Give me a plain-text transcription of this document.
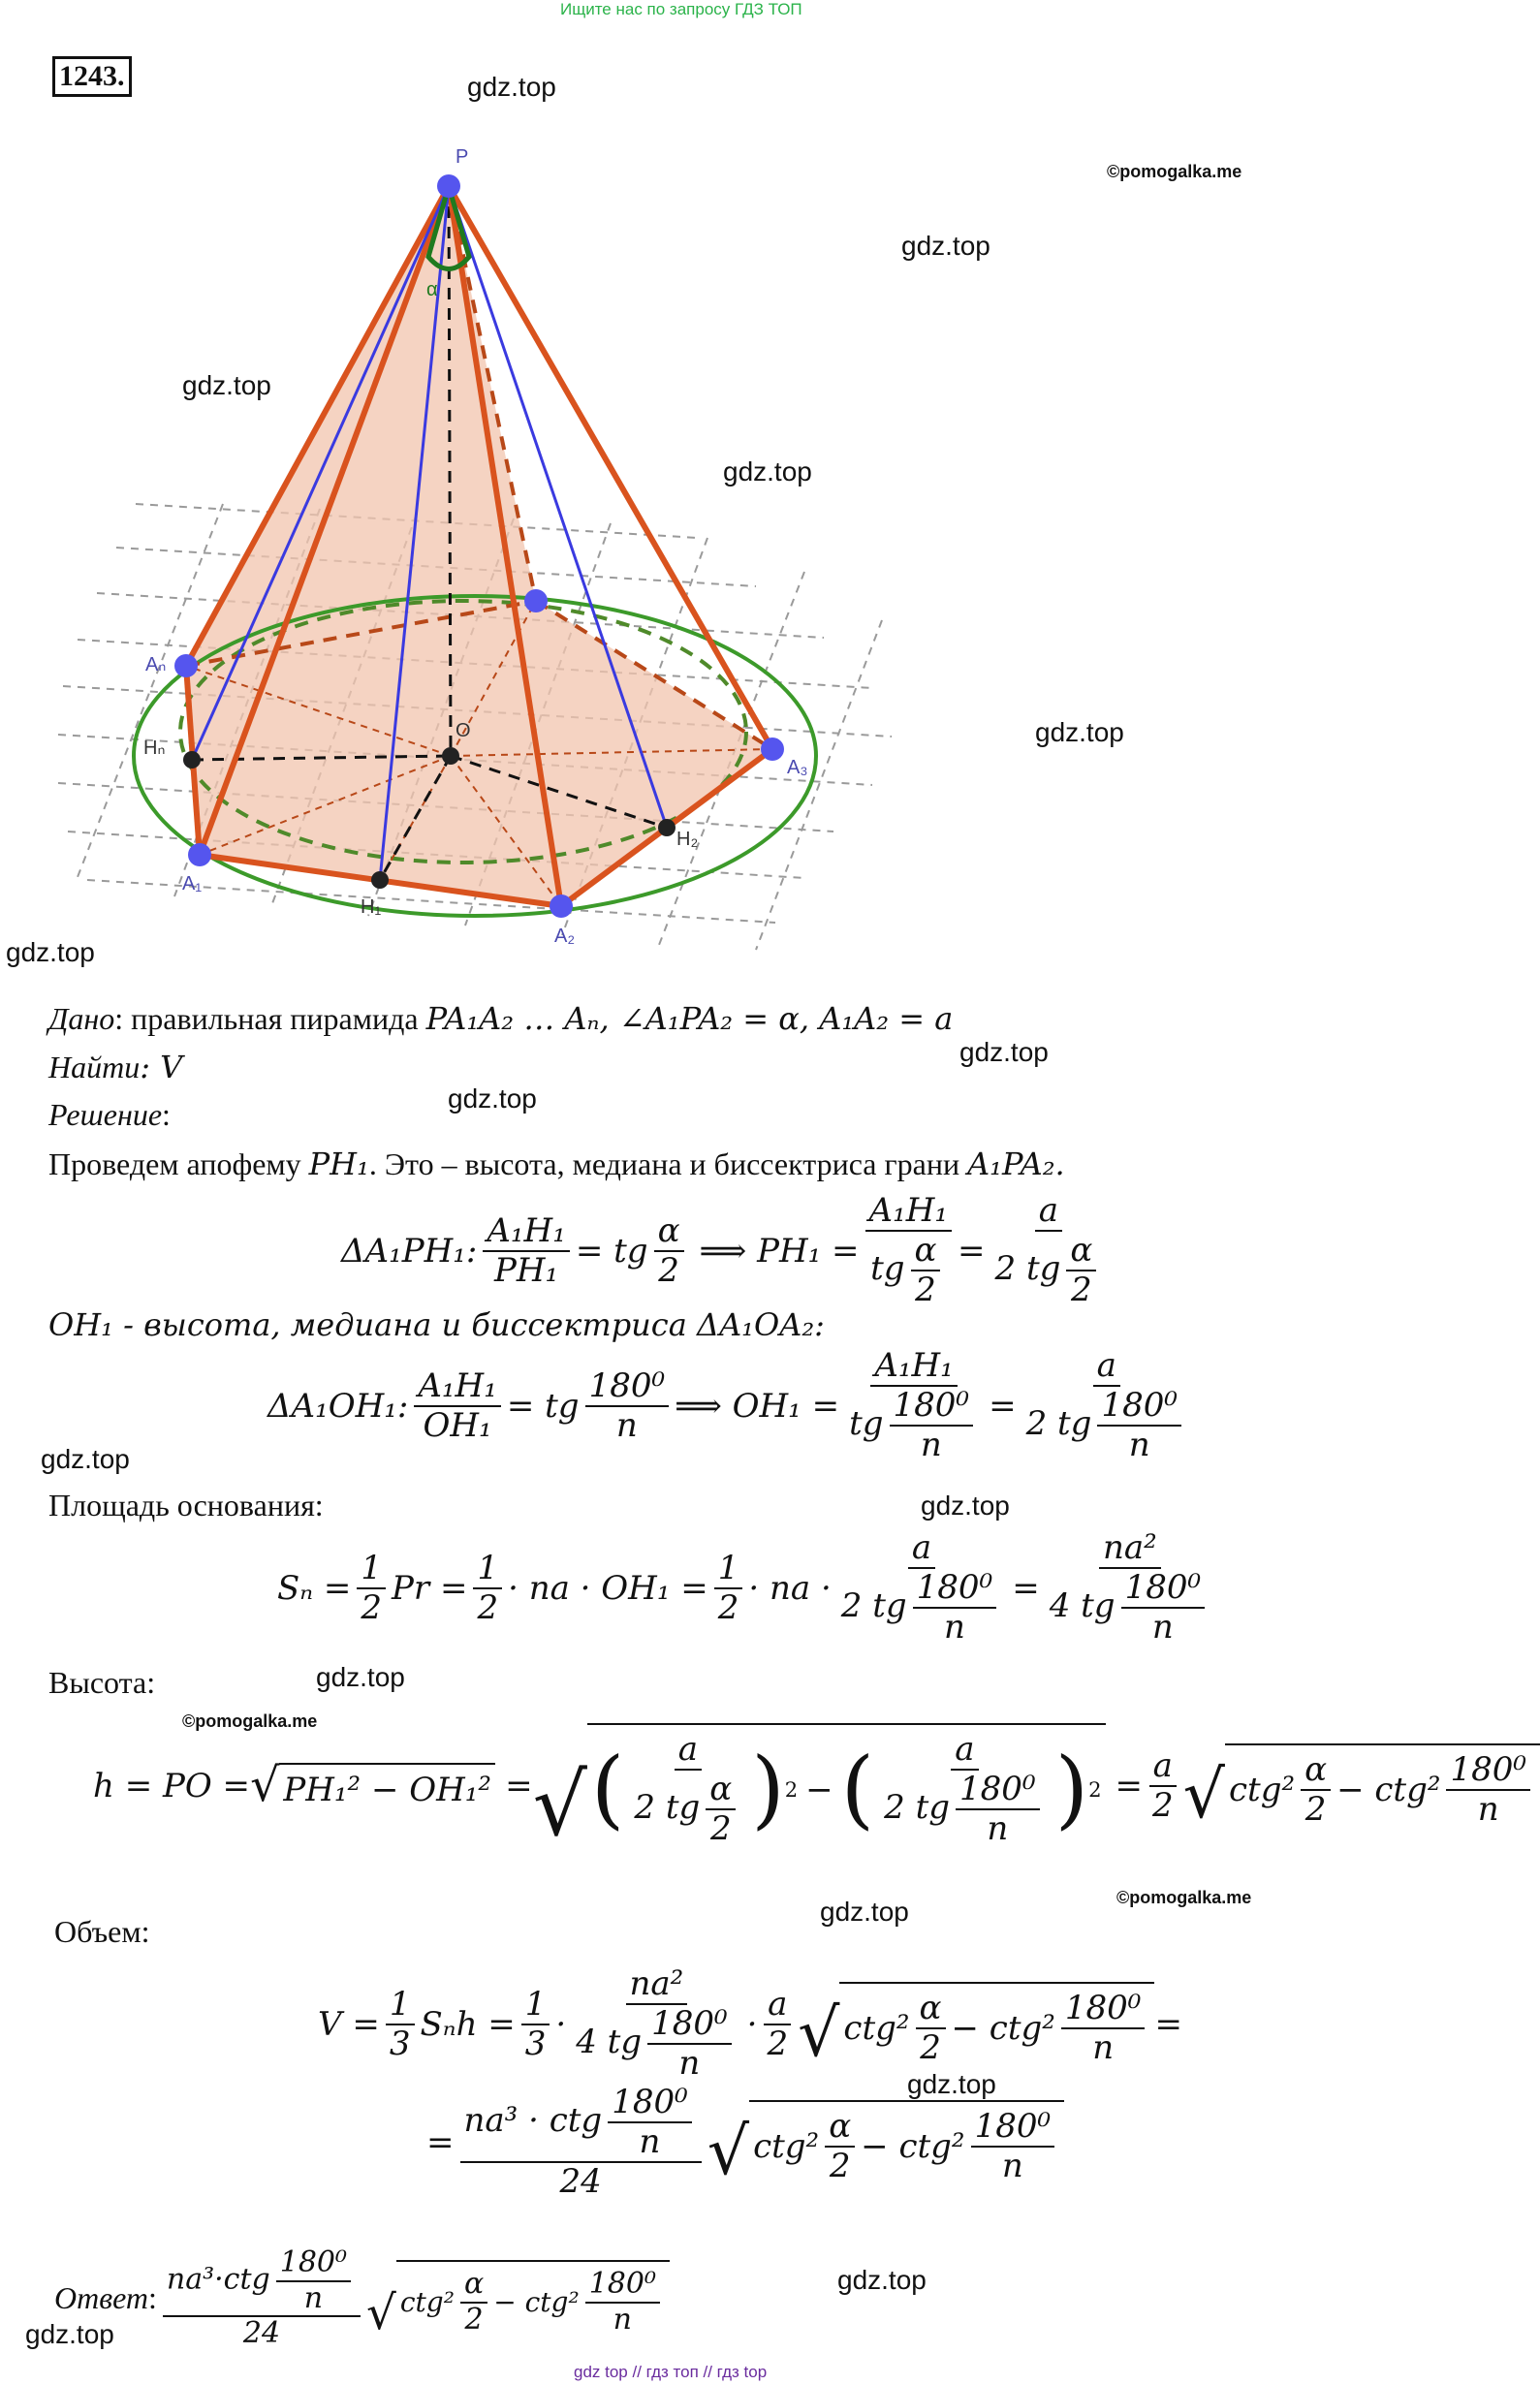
Ищите нас по запросу ГДЗ ТОП
gdz top // гдз топ // гдз top
1243.
P
α
O
Aₙ
Hₙ
A₁
H₁
A₂
H₂
A₃
gdz.top
©pomogalka.me
gdz.top
gdz.top
gdz.top
gdz.top
gdz.top
gdz.top
gdz.top
gdz.top
gdz.top
gdz.top
©pomogalka.me
©pomogalka.me
gdz.top
gdz.top
gdz.top
gdz.top
Дано: правильная пирамида PA₁A₂ … Aₙ, ∠A₁PA₂ = α, A₁A₂ = a
Найти: V
Решение:
Проведем апофему PH₁. Это – высота, медиана и биссектриса грани A₁PA₂.
ΔA₁PH₁: $\frac{\text{A₁H₁}}{\text{PH₁}}$ = tg
α
2 ⟹ PH₁ =
A₁H₁
tg $\frac{\alpha}{2}$ =
a
2 tg $\frac{\alpha}{2}$
OH₁ - высота, медиана и биссектриса ΔA₁OA₂:
ΔA₁OH₁: $\frac{\text{A₁H₁}}{\text{OH₁}}$ = tg
180⁰
n ⟹ $OH_1 = \frac{\text{A₁H₁}}{tg \frac{\text{180⁰}}{n}} = \frac{a}{2 tg \frac{\text{180⁰}}{n}}$
Площадь основания:
$S_n = \frac{1}{2}$ $Pr = \frac{1}{2}$ · na · $OH_1 = \frac{1}{2}$ · na · $\frac{a}{2 tg \frac{\text{180⁰}}{n}} = \frac{\text{na²}}{4 tg \frac{\text{180⁰}}{n}}$
Высота:
h = PO = √ PH₁² − OH₁² = √ ( a
2 tg $\frac{\alpha}{2}$ ) 2 − ( a
2 tg $\frac{\text{180⁰}}{n}$ ) $2 = \frac{a}{2}$ √ ctg²
α
2 − ctg²
180⁰
n
Объем:
$V = \frac{1}{3}$ $S_nh = \frac{1}{3}$ ·
na²
4 tg $\frac{\text{180⁰}}{n}$ ·
a
2 √ ctg²
α
2 − ctg²
180⁰
n
=
=
na³ · ctg $\frac{\text{180⁰}}{n}$
24 √ ctg²
α
2 − ctg²
180⁰
n
Ответ :
$na^3\cdot ctg \frac{\text{180⁰}}{n}$
24 √ ctg²
α
2 − ctg²
180⁰
n
